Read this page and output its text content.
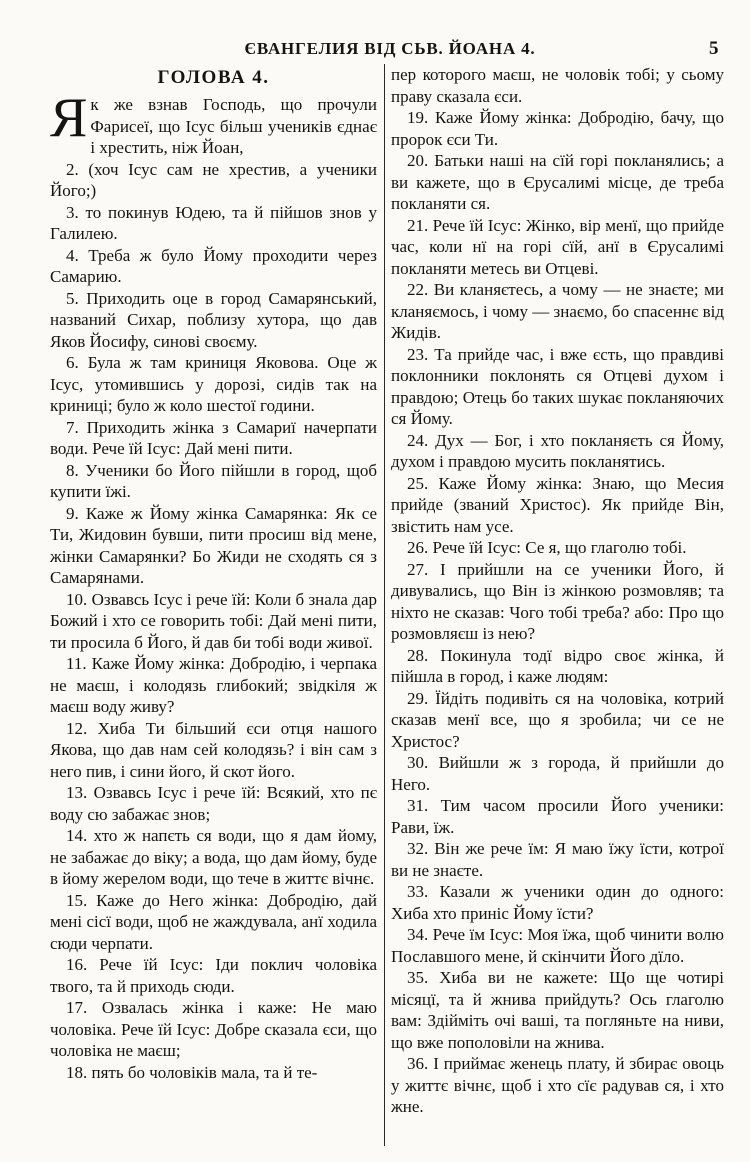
ЄВАНГЕЛИЯ ВІД СЬВ. ЙОАНА 4.	5
ГОЛОВА 4.

Як же взнав Господь, що прочули Фарисеї, що Ісус більш учеників єднає і хрестить, ніж Йоан,

2. (хоч Ісус сам не хрестив, а ученики Його;)

3. то покинув Юдею, та й пійшов знов у Галилею.

4. Треба ж було Йому проходити через Самарию.

5. Приходить оце в город Самарянський, названий Сихар, поблизу хутора, що дав Яков Йосифу, синові своєму.

6. Була ж там криниця Яковова. Оце ж Ісус, утомившись у дорозі, сидів так на криниці; було ж коло шестої години.

7. Приходить жінка з Самариї начерпати води. Рече їй Ісус: Дай мені пити.

8. Ученики бо Його пійшли в город, щоб купити їжі.

9. Каже ж Йому жінка Самарянка: Як се Ти, Жидовин бувши, пити просиш від мене, жінки Самарянки? Бо Жиди не сходять ся з Самарянами.

10. Озвавсь Ісус і рече їй: Коли б знала дар Божий і хто се говорить тобі: Дай мені пити, ти просила б Його, й дав би тобі води живої.

11. Каже Йому жінка: Добродію, і черпака не маєш, і колодязь глибокий; звідкіля ж маєш воду живу?

12. Хиба Ти більший єси отця нашого Якова, що дав нам сей колодязь? і він сам з него пив, і сини його, й скот його.

13. Озвавсь Ісус і рече їй: Всякий, хто пє воду сю забажає знов;

14. хто ж напєть ся води, що я дам йому, не забажає до віку; а вода, що дам йому, буде в йому жерелом води, що тече в життє вічнє.

15. Каже до Него жінка: Добродію, дай мені сісї води, щоб не жаждувала, анї ходила сюди черпати.

16. Рече їй Ісус: Іди поклич чоловіка твого, та й приходь сюди.

17. Озвалась жінка і каже: Не маю чоловіка. Рече їй Ісус: Добре сказала єси, що чоловіка не маєш;

18. пять бо чоловіків мала, та й те-

пер которого маєш, не чоловік тобі; у сьому праву сказала єси.

19. Каже Йому жінка: Добродію, бачу, що пророк єси Ти.

20. Батьки наші на сїй горі покланялись; а ви кажете, що в Єрусалимі місце, де треба покланяти ся.

21. Рече їй Ісус: Жінко, вір менї, що прийде час, коли нї на горі сїй, анї в Єрусалимі покланяти метесь ви Отцеві.

22. Ви кланяєтесь, а чому — не знаєте; ми кланяємось, і чому — знаємо, бо спасеннє від Жидів.

23. Та прийде час, і вже єсть, що правдиві поклонники поклонять ся Отцеві духом і правдою; Отець бо таких шукає покланяючих ся Йому.

24. Дух — Бог, і хто покланяєть ся Йому, духом і правдою мусить покланятись.

25. Каже Йому жінка: Знаю, що Месия прийде (званий Христос). Як прийде Він, звістить нам усе.

26. Рече їй Ісус: Се я, що глаголю тобі.

27. І прийшли на се ученики Його, й дивувались, що Він із жінкою розмовляв; та ніхто не сказав: Чого тобі треба? або: Про що розмовляєш із нею?

28. Покинула тодї відро своє жінка, й пійшла в город, і каже людям:

29. Їйдіть подивіть ся на чоловіка, котрий сказав менї все, що я зробила; чи се не Христос?

30. Вийшли ж з города, й прийшли до Него.

31. Тим часом просили Його ученики: Рави, їж.

32. Він же рече їм: Я маю їжу їсти, котрої ви не знаєте.

33. Казали ж ученики один до одного: Хиба хто приніс Йому їсти?

34. Рече їм Ісус: Моя їжа, щоб чинити волю Пославшого мене, й скінчити Його дїло.

35. Хиба ви не кажете: Що ще чотирі місяцї, та й жнива прийдуть? Ось глаголю вам: Здійміть очі ваші, та погляньте на ниви, що вже пополовіли на жнива.

36. І приймає женець плату, й збирає овоць у життє вічнє, щоб і хто сїє радував ся, і хто жне.
